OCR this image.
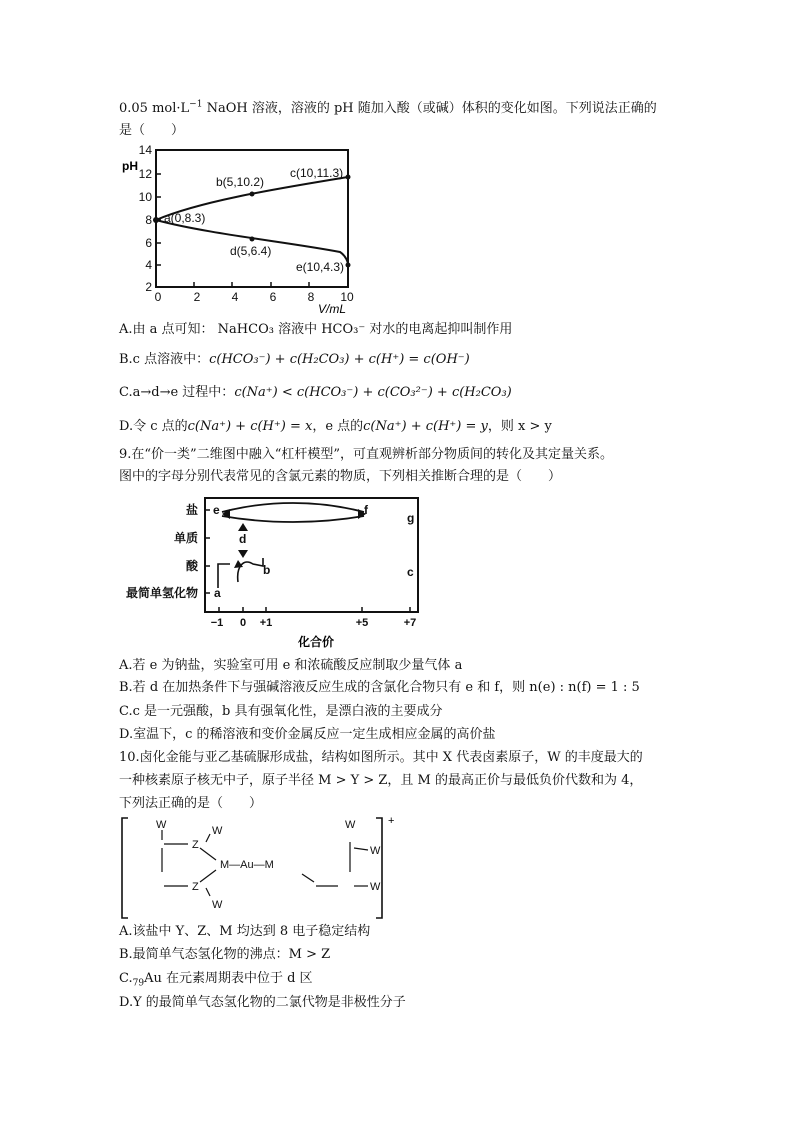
0.05 $mol\cdot L^{-1}$ NaOH 溶液，溶液的 pH 随加入酸（或碱）体积的变化如图。下列说法正确的
是（　　）
14
12
10
8
6
4
2
pH
0	2	4	6	8 10
V/mL
a(0,8.3)
b(5,10.2)
c(10,11.3)
d(5,6.4)
e(10,4.3)
A.由 a 点可知： NaHCO₃ 溶液中 HCO₃⁻ 对水的电离起抑叫制作用
B.c 点溶液中：c(HCO₃⁻) + c(H₂CO₃) + c(H⁺) = c(OH⁻)
C.a→d→e 过程中：c(Na⁺) < c(HCO₃⁻) + c(CO₃²⁻) + c(H₂CO₃)
D.令 c 点的c(Na⁺) + c(H⁺) = x，e 点的c(Na⁺) + c(H⁺) = y，则 x > y
9.在“价一类”二维图中融入“杠杆模型”，可直观辨析部分物质间的转化及其定量关系。
图中的字母分别代表常见的含氯元素的物质，下列相关推断合理的是（　　）
盐
单质
酸
最简单氢化物
−1 0 +1	+5	+7
化合价
e	f
g
d
b	c
a
A.若 e 为钠盐，实验室可用 e 和浓硫酸反应制取少量气体 a
B.若 d 在加热条件下与强碱溶液反应生成的含氯化合物只有 e 和 f，则 n(e) : n(f) = 1 : 5
C.c 是一元强酸，b 具有强氧化性，是漂白液的主要成分
D.室温下，c 的稀溶液和变价金属反应一定生成相应金属的高价盐
10.卤化金能与亚乙基硫脲形成盐，结构如图所示。其中 X 代表卤素原子，W 的丰度最大的
一种核素原子核无中子，原子半径 M > Y > Z，且 M 的最高正价与最低负价代数和为 4，
下列法正确的是（　　）
+
W
Z
W
Z
W
W
W
W
M—Au—M
A.该盐中 Y、Z、M 均达到 8 电子稳定结构
B.最简单气态氢化物的沸点：M > Z
$C._{79}Au$ 在元素周期表中位于 d 区
D.Y 的最简单气态氢化物的二氯代物是非极性分子
